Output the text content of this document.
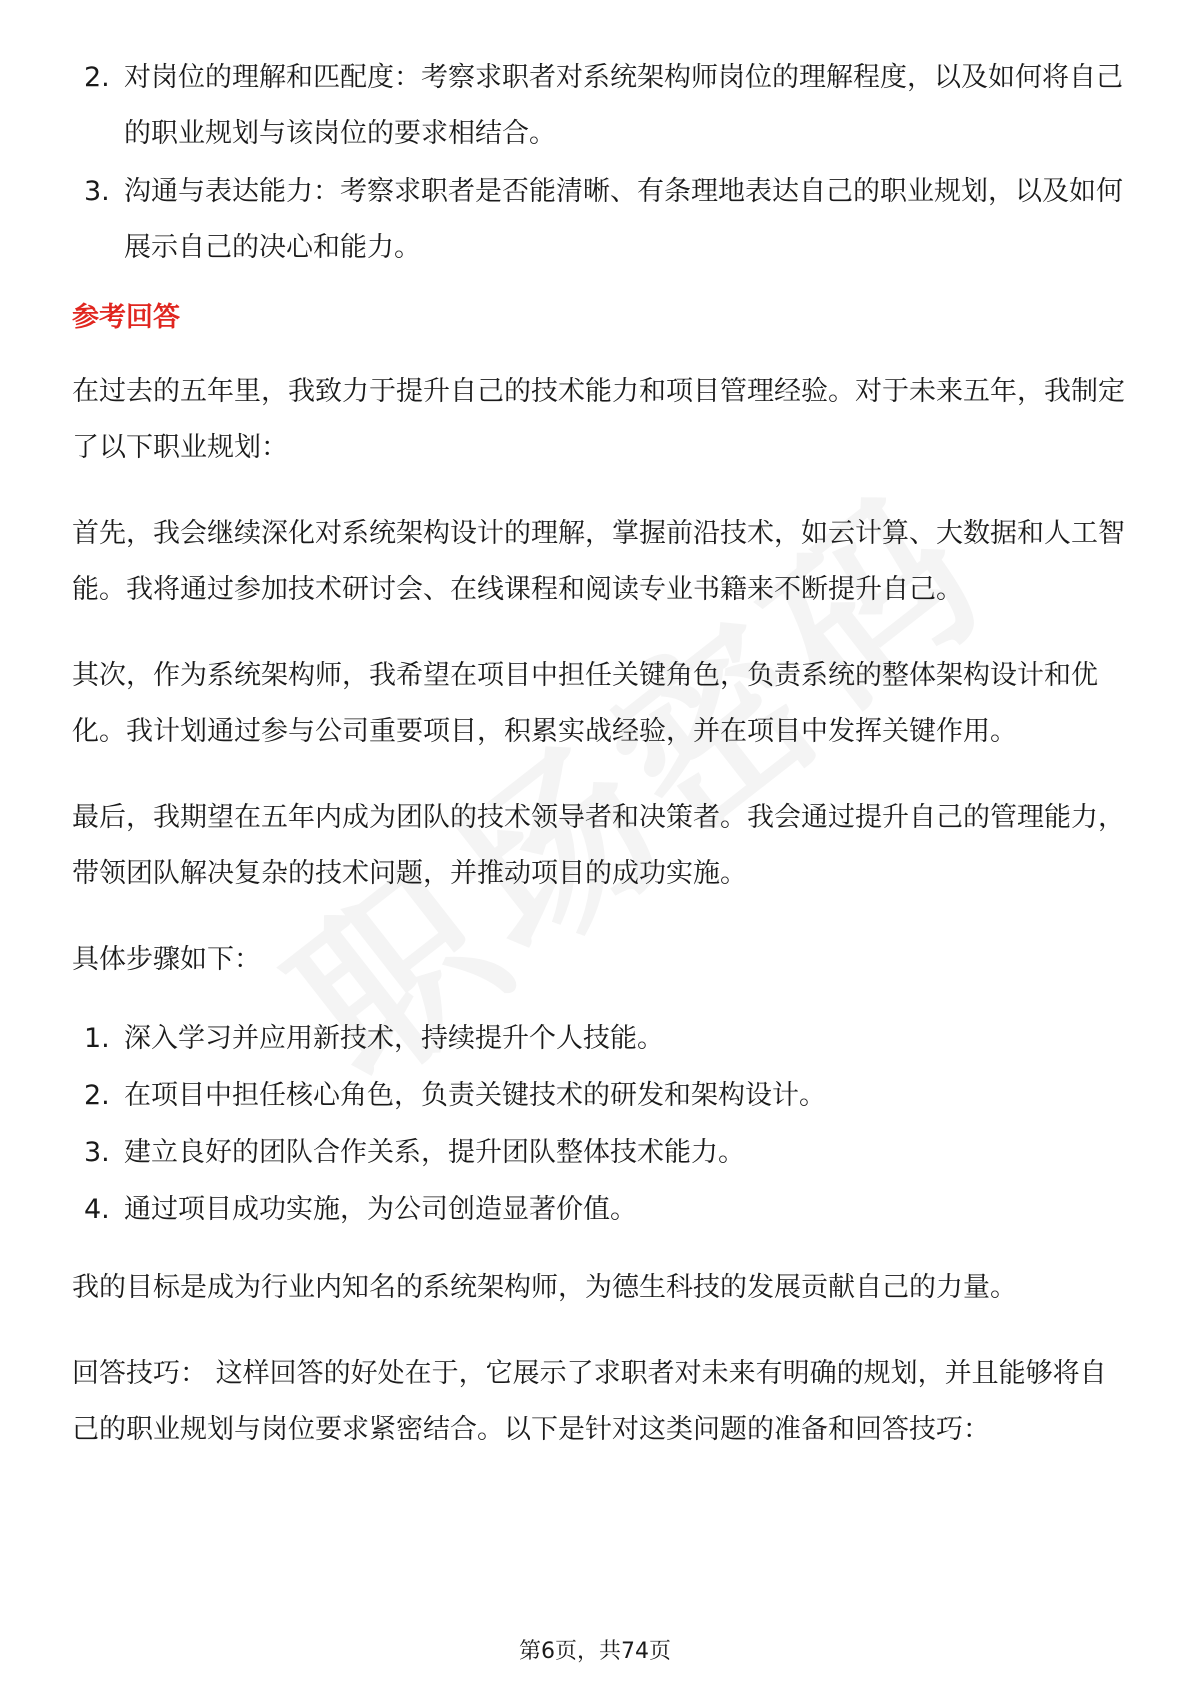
2. 对岗位的理解和匹配度：考察求职者对系统架构师岗位的理解程度，以及如何将自己的职业规划与该岗位的要求相结合。
3. 沟通与表达能力：考察求职者是否能清晰、有条理地表达自己的职业规划，以及如何展示自己的决心和能力。
参考回答

在过去的五年里，我致力于提升自己的技术能力和项目管理经验。对于未来五年，我制定了以下职业规划：

首先，我会继续深化对系统架构设计的理解，掌握前沿技术，如云计算、大数据和人工智能。我将通过参加技术研讨会、在线课程和阅读专业书籍来不断提升自己。

其次，作为系统架构师，我希望在项目中担任关键角色，负责系统的整体架构设计和优化。我计划通过参与公司重要项目，积累实战经验，并在项目中发挥关键作用。

最后，我期望在五年内成为团队的技术领导者和决策者。我会通过提升自己的管理能力，带领团队解决复杂的技术问题，并推动项目的成功实施。

具体步骤如下：

1. 深入学习并应用新技术，持续提升个人技能。
2. 在项目中担任核心角色，负责关键技术的研发和架构设计。
3. 建立良好的团队合作关系，提升团队整体技术能力。
4. 通过项目成功实施，为公司创造显著价值。

我的目标是成为行业内知名的系统架构师，为德生科技的发展贡献自己的力量。

回答技巧： 这样回答的好处在于，它展示了求职者对未来有明确的规划，并且能够将自己的职业规划与岗位要求紧密结合。以下是针对这类问题的准备和回答技巧：

第6页，共74页
